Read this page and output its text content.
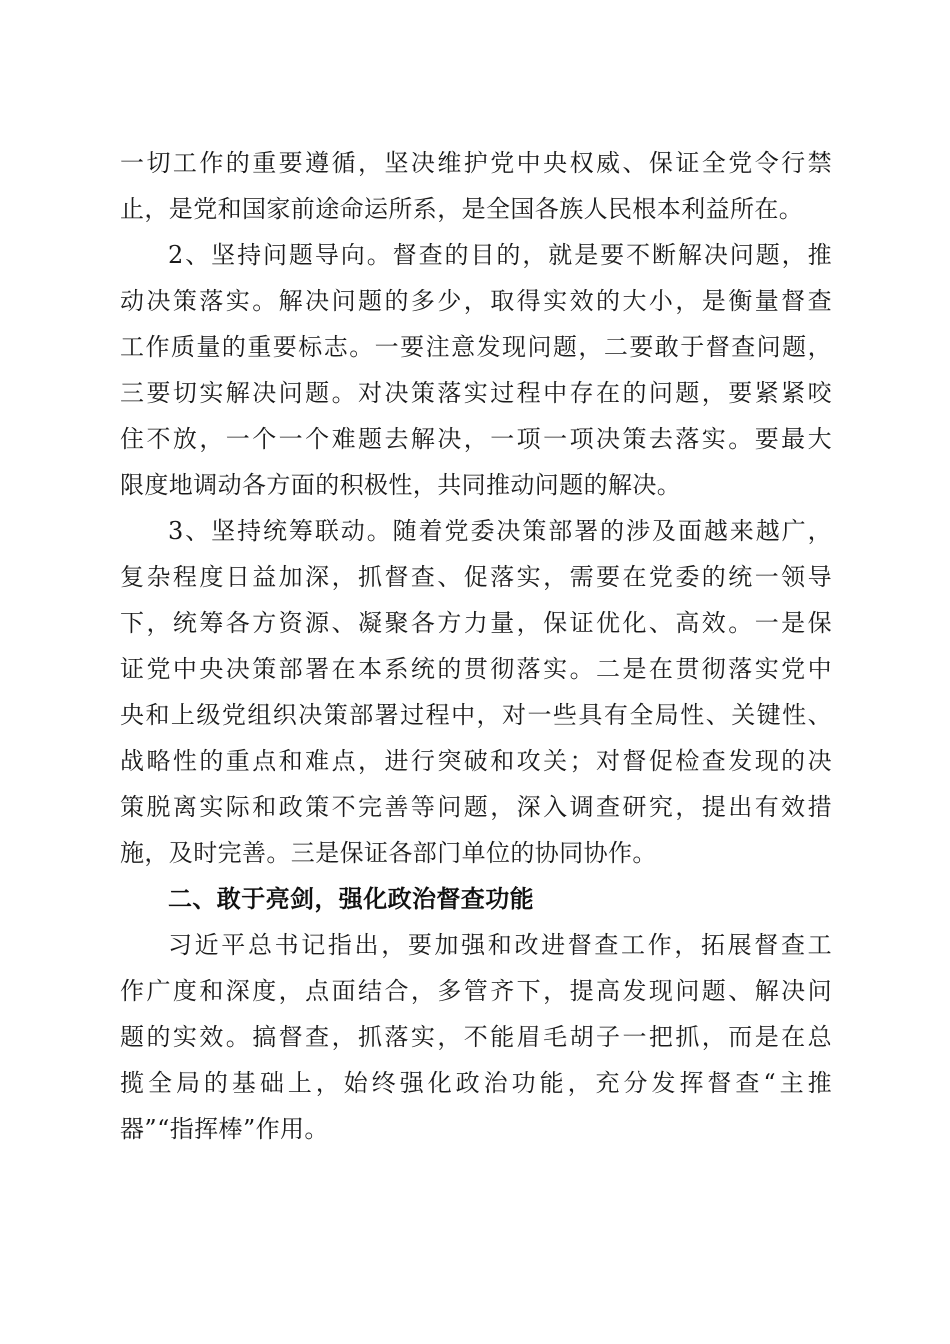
一切工作的重要遵循，坚决维护党中央权威、保证全党令行禁
止，是党和国家前途命运所系，是全国各族人民根本利益所在。
2、坚持问题导向。督查的目的，就是要不断解决问题，推
动决策落实。解决问题的多少，取得实效的大小，是衡量督查
工作质量的重要标志。一要注意发现问题，二要敢于督查问题，
三要切实解决问题。对决策落实过程中存在的问题，要紧紧咬
住不放，一个一个难题去解决，一项一项决策去落实。要最大
限度地调动各方面的积极性，共同推动问题的解决。
3、坚持统筹联动。随着党委决策部署的涉及面越来越广，
复杂程度日益加深，抓督查、促落实，需要在党委的统一领导
下，统筹各方资源、凝聚各方力量，保证优化、高效。一是保
证党中央决策部署在本系统的贯彻落实。二是在贯彻落实党中
央和上级党组织决策部署过程中，对一些具有全局性、关键性、
战略性的重点和难点，进行突破和攻关；对督促检查发现的决
策脱离实际和政策不完善等问题，深入调查研究，提出有效措
施，及时完善。三是保证各部门单位的协同协作。
二、敢于亮剑，强化政治督查功能
习近平总书记指出，要加强和改进督查工作，拓展督查工
作广度和深度，点面结合，多管齐下，提高发现问题、解决问
题的实效。搞督查，抓落实，不能眉毛胡子一把抓，而是在总
揽全局的基础上，始终强化政治功能，充分发挥督查“主推
器”“指挥棒”作用。
